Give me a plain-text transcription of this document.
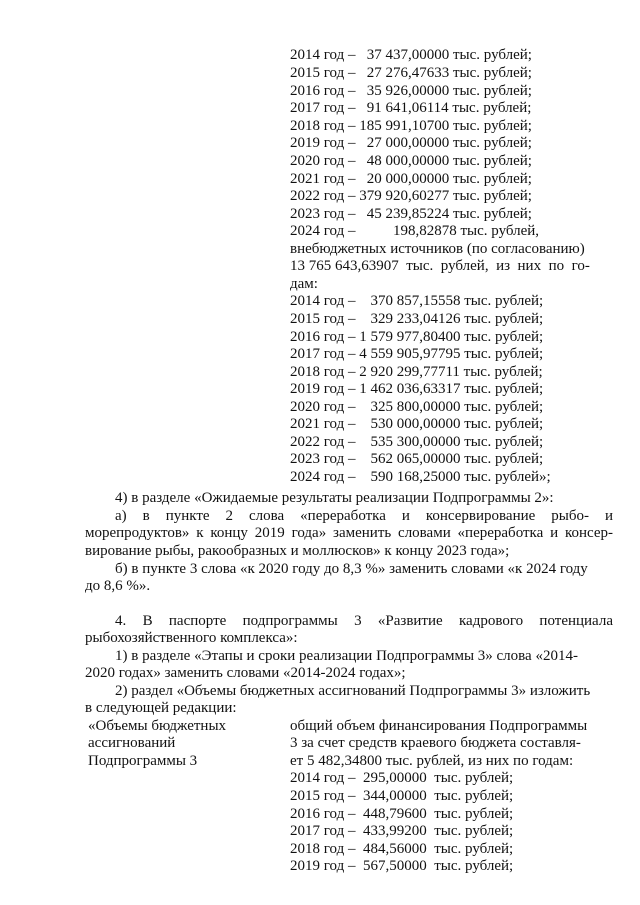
2014 год –   37 437,00000 тыс. рублей;
2015 год –   27 276,47633 тыс. рублей;
2016 год –   35 926,00000 тыс. рублей;
2017 год –   91 641,06114 тыс. рублей;
2018 год – 185 991,10700 тыс. рублей;
2019 год –   27 000,00000 тыс. рублей;
2020 год –   48 000,00000 тыс. рублей;
2021 год –   20 000,00000 тыс. рублей;
2022 год – 379 920,60277 тыс. рублей;
2023 год –   45 239,85224 тыс. рублей;
2024 год –          198,82878 тыс. рублей,
внебюджетных источников (по согласованию)
13 765 643,63907  тыс.  рублей,  из  них  по  го-
дам:
2014 год –    370 857,15558 тыс. рублей;
2015 год –    329 233,04126 тыс. рублей;
2016 год – 1 579 977,80400 тыс. рублей;
2017 год – 4 559 905,97795 тыс. рублей;
2018 год – 2 920 299,77711 тыс. рублей;
2019 год – 1 462 036,63317 тыс. рублей;
2020 год –    325 800,00000 тыс. рублей;
2021 год –    530 000,00000 тыс. рублей;
2022 год –    535 300,00000 тыс. рублей;
2023 год –    562 065,00000 тыс. рублей;
2024 год –    590 168,25000 тыс. рублей»;
4) в разделе «Ожидаемые результаты реализации Подпрограммы 2»:
а) в пункте 2 слова «переработка и консервирование рыбо- и
морепродуктов» к концу 2019 года» заменить словами «переработка и консер-
вирование рыбы, ракообразных и моллюсков» к концу 2023 года»;
б) в пункте 3 слова «к 2020 году до 8,3 %» заменить словами «к 2024 году
до 8,6 %».
4. В паспорте подпрограммы 3 «Развитие кадрового потенциала
рыбохозяйственного комплекса»:
1) в разделе «Этапы и сроки реализации Подпрограммы 3» слова «2014-
2020 годах» заменить словами «2014-2024 годах»;
2) раздел «Объемы бюджетных ассигнований Подпрограммы 3» изложить
в следующей редакции:
«Объемы бюджетных
ассигнований
Подпрограммы 3
общий объем финансирования Подпрограммы
3 за счет средств краевого бюджета составля-
ет 5 482,34800 тыс. рублей, из них по годам:
2014 год –  295,00000  тыс. рублей;
2015 год –  344,00000  тыс. рублей;
2016 год –  448,79600  тыс. рублей;
2017 год –  433,99200  тыс. рублей;
2018 год –  484,56000  тыс. рублей;
2019 год –  567,50000  тыс. рублей;
